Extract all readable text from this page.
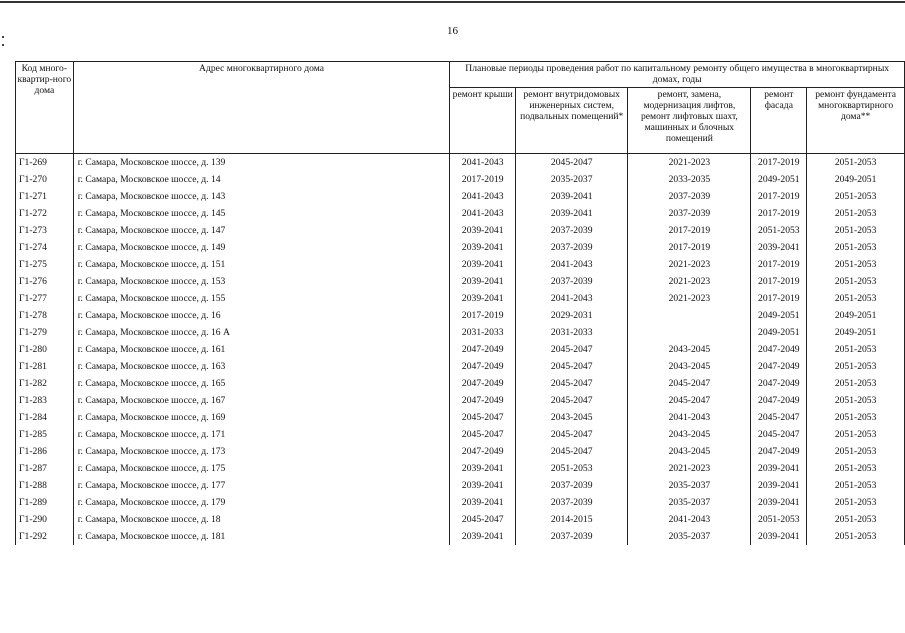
16
Код много-квартир-ного дома	Адрес многоквартирного дома	Плановые периоды проведения работ по капитальному ремонту общего имущества в многоквартирных домах, годы				
		ремонт крыши	ремонт внутридомовых инженерных систем, подвальных помещений*	ремонт, замена, модернизация лифтов, ремонт лифтовых шахт, машинных и блочных помещений	ремонт фасада	ремонт фундамента многоквартирного дома**
Г1-269	г. Самара, Московское шоссе, д. 139	2041-2043	2045-2047	2021-2023	2017-2019	2051-2053
Г1-270	г. Самара, Московское шоссе, д. 14	2017-2019	2035-2037	2033-2035	2049-2051	2049-2051
Г1-271	г. Самара, Московское шоссе, д. 143	2041-2043	2039-2041	2037-2039	2017-2019	2051-2053
Г1-272	г. Самара, Московское шоссе, д. 145	2041-2043	2039-2041	2037-2039	2017-2019	2051-2053
Г1-273	г. Самара, Московское шоссе, д. 147	2039-2041	2037-2039	2017-2019	2051-2053	2051-2053
Г1-274	г. Самара, Московское шоссе, д. 149	2039-2041	2037-2039	2017-2019	2039-2041	2051-2053
Г1-275	г. Самара, Московское шоссе, д. 151	2039-2041	2041-2043	2021-2023	2017-2019	2051-2053
Г1-276	г. Самара, Московское шоссе, д. 153	2039-2041	2037-2039	2021-2023	2017-2019	2051-2053
Г1-277	г. Самара, Московское шоссе, д. 155	2039-2041	2041-2043	2021-2023	2017-2019	2051-2053
Г1-278	г. Самара, Московское шоссе, д. 16	2017-2019	2029-2031		2049-2051	2049-2051
Г1-279	г. Самара, Московское шоссе, д. 16 А	2031-2033	2031-2033		2049-2051	2049-2051
Г1-280	г. Самара, Московское шоссе, д. 161	2047-2049	2045-2047	2043-2045	2047-2049	2051-2053
Г1-281	г. Самара, Московское шоссе, д. 163	2047-2049	2045-2047	2043-2045	2047-2049	2051-2053
Г1-282	г. Самара, Московское шоссе, д. 165	2047-2049	2045-2047	2045-2047	2047-2049	2051-2053
Г1-283	г. Самара, Московское шоссе, д. 167	2047-2049	2045-2047	2045-2047	2047-2049	2051-2053
Г1-284	г. Самара, Московское шоссе, д. 169	2045-2047	2043-2045	2041-2043	2045-2047	2051-2053
Г1-285	г. Самара, Московское шоссе, д. 171	2045-2047	2045-2047	2043-2045	2045-2047	2051-2053
Г1-286	г. Самара, Московское шоссе, д. 173	2047-2049	2045-2047	2043-2045	2047-2049	2051-2053
Г1-287	г. Самара, Московское шоссе, д. 175	2039-2041	2051-2053	2021-2023	2039-2041	2051-2053
Г1-288	г. Самара, Московское шоссе, д. 177	2039-2041	2037-2039	2035-2037	2039-2041	2051-2053
Г1-289	г. Самара, Московское шоссе, д. 179	2039-2041	2037-2039	2035-2037	2039-2041	2051-2053
Г1-290	г. Самара, Московское шоссе, д. 18	2045-2047	2014-2015	2041-2043	2051-2053	2051-2053
Г1-292	г. Самара, Московское шоссе, д. 181	2039-2041	2037-2039	2035-2037	2039-2041	2051-2053
